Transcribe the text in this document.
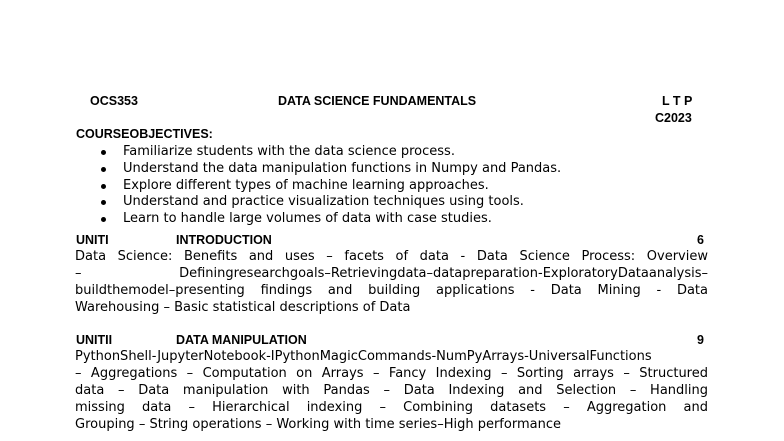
OCS353	DATA SCIENCE FUNDAMENTALS	L T P
C2023
COURSEOBJECTIVES:
Familiarize students with the data science process.
Understand the data manipulation functions in Numpy and Pandas.
Explore different types of machine learning approaches.
Understand and practice visualization techniques using tools.
Learn to handle large volumes of data with case studies.
UNITI	INTRODUCTION	6
Data Science: Benefits and uses – facets of data - Data Science Process: Overview
– Definingresearchgoals–Retrievingdata–datapreparation-ExploratoryDataanalysis–
buildthemodel–presenting findings and building applications - Data Mining - Data
Warehousing – Basic statistical descriptions of Data
UNITII	DATA MANIPULATION	9
PythonShell-JupyterNotebook-IPythonMagicCommands-NumPyArrays-UniversalFunctions
– Aggregations – Computation on Arrays – Fancy Indexing – Sorting arrays – Structured
data – Data manipulation with Pandas – Data Indexing and Selection – Handling
missing data – Hierarchical indexing – Combining datasets – Aggregation and
Grouping – String operations – Working with time series–High performance
